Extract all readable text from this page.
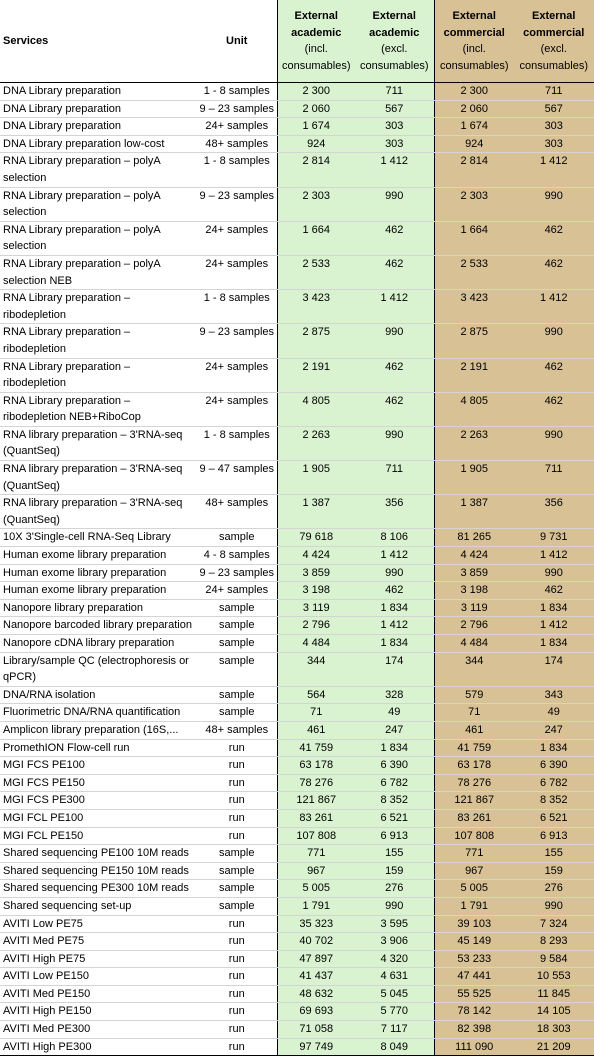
Services	Unit	External
academic
(incl.
consumables)	External
academic
(excl.
consumables)	External
commercial
(incl.
consumables)	External
commercial
(excl.
consumables)
DNA Library preparation	1 - 8 samples	2 300	711	2 300	711
DNA Library preparation	9 – 23 samples	2 060	567	2 060	567
DNA Library preparation	24+ samples	1 674	303	1 674	303
DNA Library preparation low-cost	48+ samples	924	303	924	303
RNA Library preparation – polyA selection	1 - 8 samples	2 814	1 412	2 814	1 412
RNA Library preparation – polyA selection	9 – 23 samples	2 303	990	2 303	990
RNA Library preparation – polyA selection	24+ samples	1 664	462	1 664	462
RNA Library preparation – polyA selection NEB	24+ samples	2 533	462	2 533	462
RNA Library preparation – ribodepletion	1 - 8 samples	3 423	1 412	3 423	1 412
RNA Library preparation – ribodepletion	9 – 23 samples	2 875	990	2 875	990
RNA Library preparation – ribodepletion	24+ samples	2 191	462	2 191	462
RNA Library preparation – ribodepletion NEB+RiboCop	24+ samples	4 805	462	4 805	462
RNA library preparation – 3'RNA-seq (QuantSeq)	1 - 8 samples	2 263	990	2 263	990
RNA library preparation – 3'RNA-seq (QuantSeq)	9 – 47 samples	1 905	711	1 905	711
RNA library preparation – 3'RNA-seq (QuantSeq)	48+ samples	1 387	356	1 387	356
10X 3'Single-cell RNA-Seq Library	sample	79 618	8 106	81 265	9 731
Human exome library preparation	4 - 8 samples	4 424	1 412	4 424	1 412
Human exome library preparation	9 – 23 samples	3 859	990	3 859	990
Human exome library preparation	24+ samples	3 198	462	3 198	462
Nanopore library preparation	sample	3 119	1 834	3 119	1 834
Nanopore barcoded library preparation	sample	2 796	1 412	2 796	1 412
Nanopore cDNA library preparation	sample	4 484	1 834	4 484	1 834
Library/sample QC (electrophoresis or qPCR)	sample	344	174	344	174
DNA/RNA isolation	sample	564	328	579	343
Fluorimetric DNA/RNA quantification	sample	71	49	71	49
Amplicon library preparation (16S,...	48+ samples	461	247	461	247
PromethION Flow-cell run	run	41 759	1 834	41 759	1 834
MGI FCS PE100	run	63 178	6 390	63 178	6 390
MGI FCS PE150	run	78 276	6 782	78 276	6 782
MGI FCS PE300	run	121 867	8 352	121 867	8 352
MGI FCL PE100	run	83 261	6 521	83 261	6 521
MGI FCL PE150	run	107 808	6 913	107 808	6 913
Shared sequencing PE100 10M reads	sample	771	155	771	155
Shared sequencing PE150 10M reads	sample	967	159	967	159
Shared sequencing PE300 10M reads	sample	5 005	276	5 005	276
Shared sequencing set-up	sample	1 791	990	1 791	990
AVITI Low PE75	run	35 323	3 595	39 103	7 324
AVITI Med PE75	run	40 702	3 906	45 149	8 293
AVITI High PE75	run	47 897	4 320	53 233	9 584
AVITI Low PE150	run	41 437	4 631	47 441	10 553
AVITI Med PE150	run	48 632	5 045	55 525	11 845
AVITI High PE150	run	69 693	5 770	78 142	14 105
AVITI Med PE300	run	71 058	7 117	82 398	18 303
AVITI High PE300	run	97 749	8 049	111 090	21 209
